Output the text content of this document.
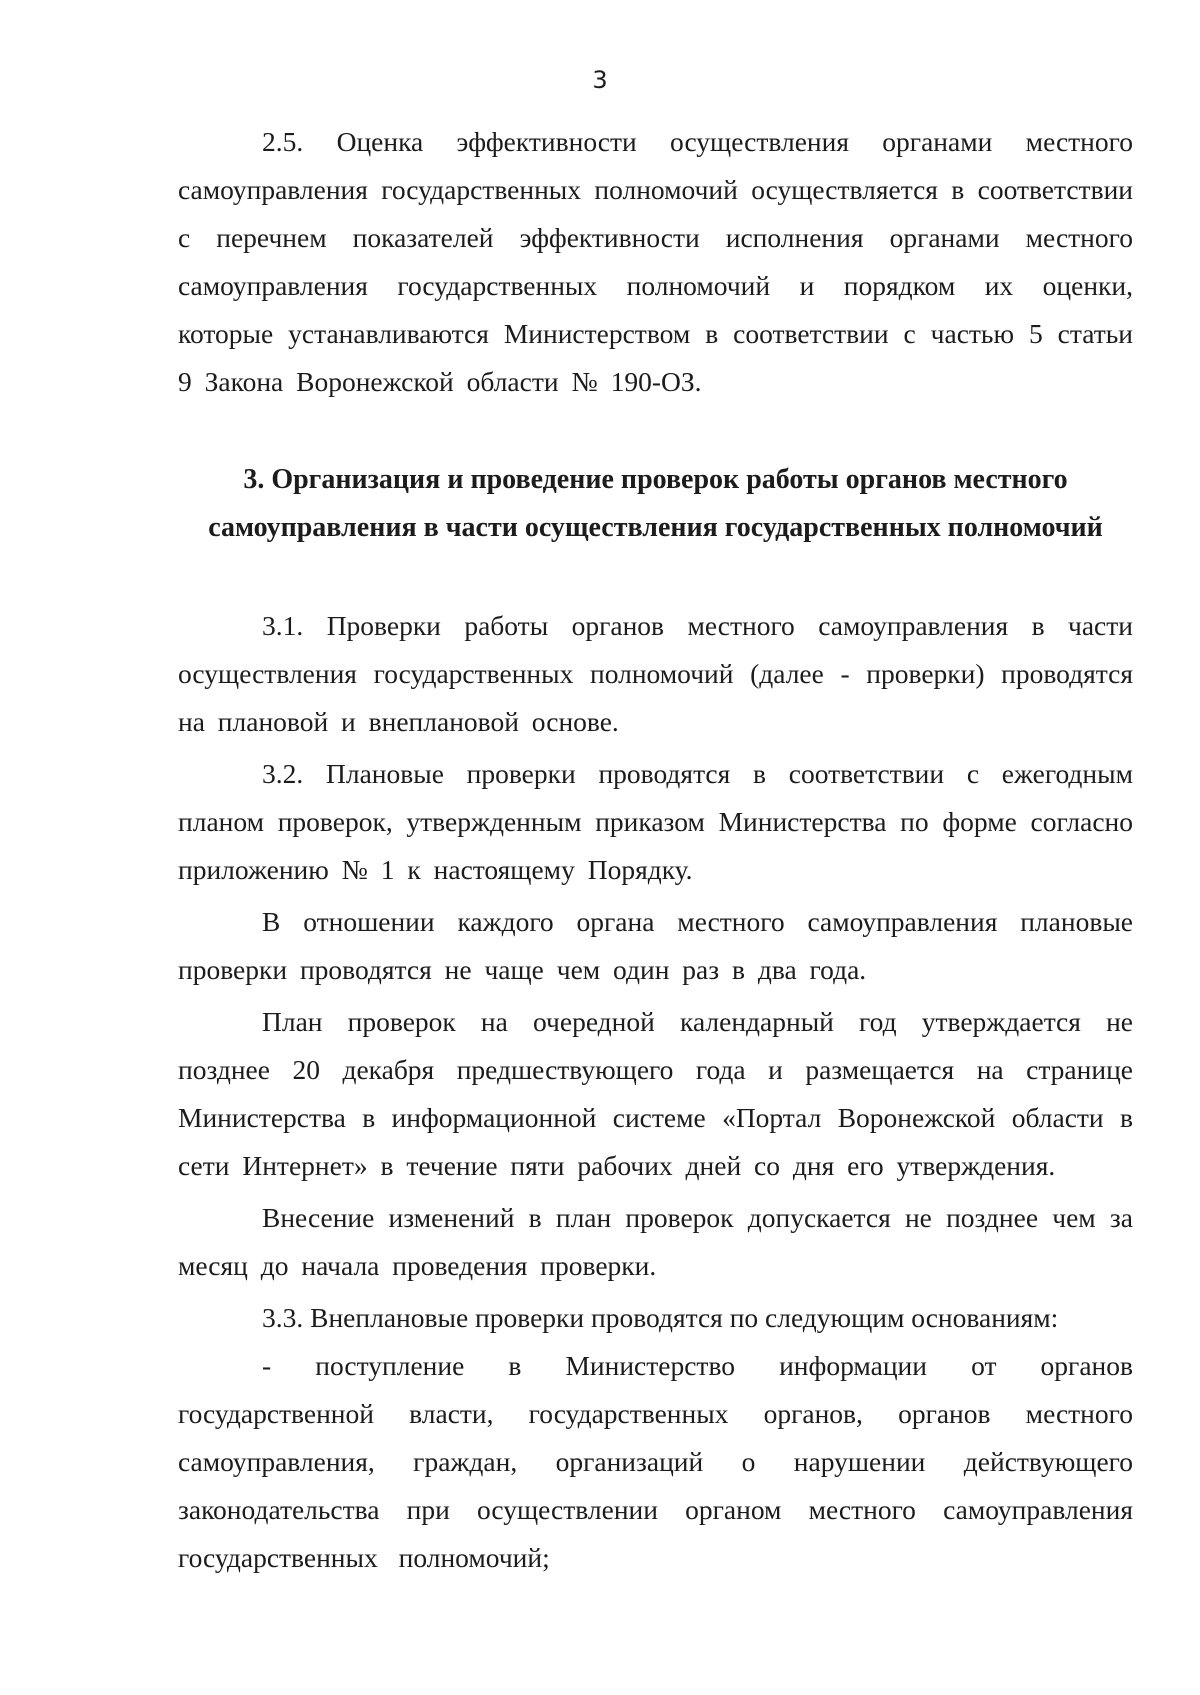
3

2.5. Оценка эффективности осуществления органами местного самоуправления государственных полномочий осуществляется в соответствии с перечнем показателей эффективности исполнения органами местного самоуправления государственных полномочий и порядком их оценки, которые устанавливаются Министерством в соответствии с частью 5 статьи 9 Закона Воронежской области № 190-ОЗ.

3. Организация и проведение проверок работы органов местного самоуправления в части осуществления государственных полномочий

3.1. Проверки работы органов местного самоуправления в части осуществления государственных полномочий (далее - проверки) проводятся на плановой и внеплановой основе.

3.2. Плановые проверки проводятся в соответствии с ежегодным планом проверок, утвержденным приказом Министерства по форме согласно приложению № 1 к настоящему Порядку.

В отношении каждого органа местного самоуправления плановые проверки проводятся не чаще чем один раз в два года.

План проверок на очередной календарный год утверждается не позднее 20 декабря предшествующего года и размещается на странице Министерства в информационной системе «Портал Воронежской области в сети Интернет» в течение пяти рабочих дней со дня его утверждения.

Внесение изменений в план проверок допускается не позднее чем за месяц до начала проведения проверки.

3.3. Внеплановые проверки проводятся по следующим основаниям:

- поступление в Министерство информации от органов государственной власти, государственных органов, органов местного самоуправления, граждан, организаций о нарушении действующего законодательства при осуществлении органом местного самоуправления государственных полномочий;
